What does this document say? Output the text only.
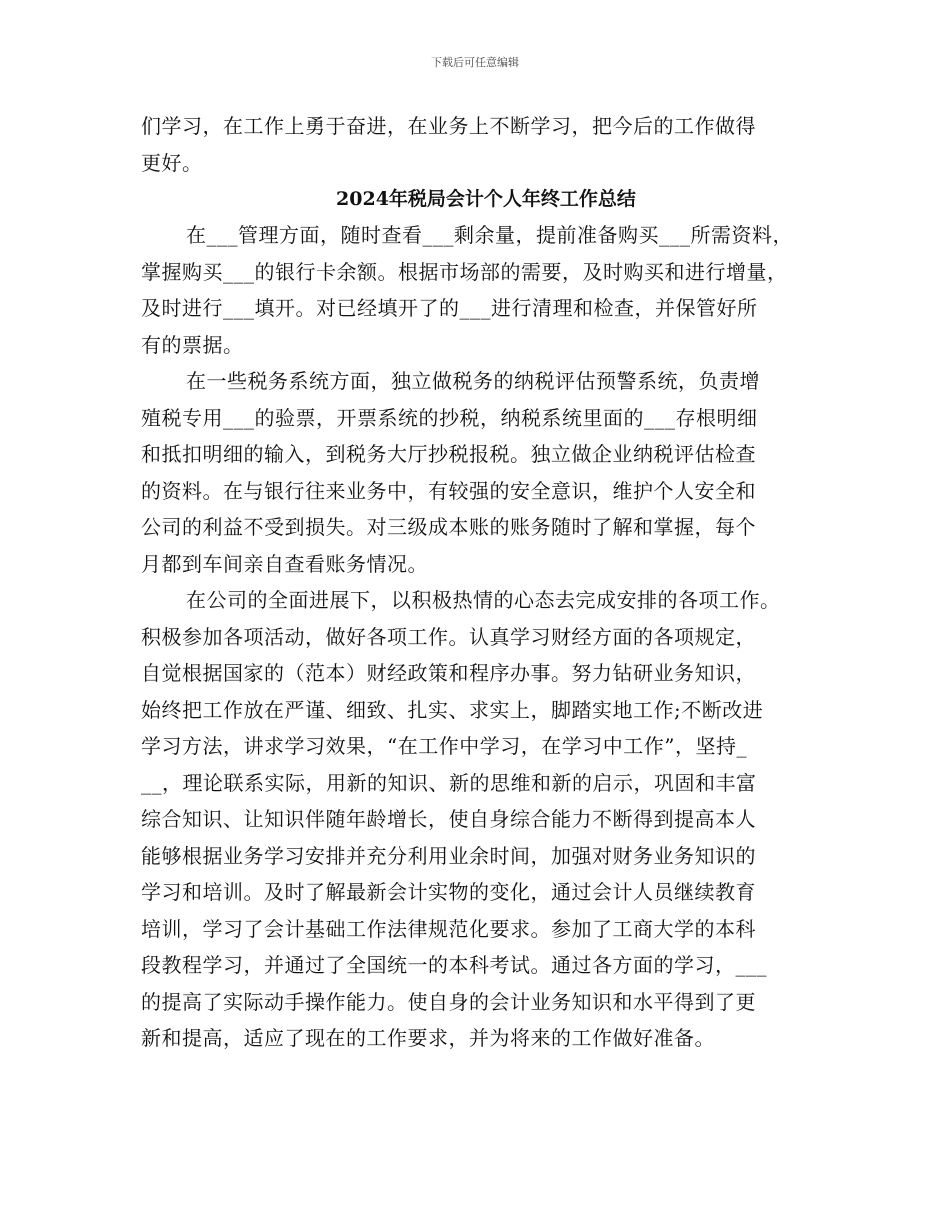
下载后可任意编辑
们学习，在工作上勇于奋进，在业务上不断学习，把今后的工作做得
更好。
2024年税局会计个人年终工作总结
在___管理方面，随时查看___剩余量，提前准备购买___所需资料，
掌握购买___的银行卡余额。根据市场部的需要，及时购买和进行增量，
及时进行___填开。对已经填开了的___进行清理和检查，并保管好所
有的票据。
在一些税务系统方面，独立做税务的纳税评估预警系统，负责增
殖税专用___的验票，开票系统的抄税，纳税系统里面的___存根明细
和抵扣明细的输入，到税务大厅抄税报税。独立做企业纳税评估检查
的资料。在与银行往来业务中，有较强的安全意识，维护个人安全和
公司的利益不受到损失。对三级成本账的账务随时了解和掌握，每个
月都到车间亲自查看账务情况。
在公司的全面进展下，以积极热情的心态去完成安排的各项工作。
积极参加各项活动，做好各项工作。认真学习财经方面的各项规定，
自觉根据国家的（范本）财经政策和程序办事。努力钻研业务知识，
始终把工作放在严谨、细致、扎实、求实上，脚踏实地工作;不断改进
学习方法，讲求学习效果，“在工作中学习，在学习中工作”，坚持_
__，理论联系实际，用新的知识、新的思维和新的启示，巩固和丰富
综合知识、让知识伴随年龄增长，使自身综合能力不断得到提高本人
能够根据业务学习安排并充分利用业余时间，加强对财务业务知识的
学习和培训。及时了解最新会计实物的变化，通过会计人员继续教育
培训，学习了会计基础工作法律规范化要求。参加了工商大学的本科
段教程学习，并通过了全国统一的本科考试。通过各方面的学习，___
的提高了实际动手操作能力。使自身的会计业务知识和水平得到了更
新和提高，适应了现在的工作要求，并为将来的工作做好准备。
